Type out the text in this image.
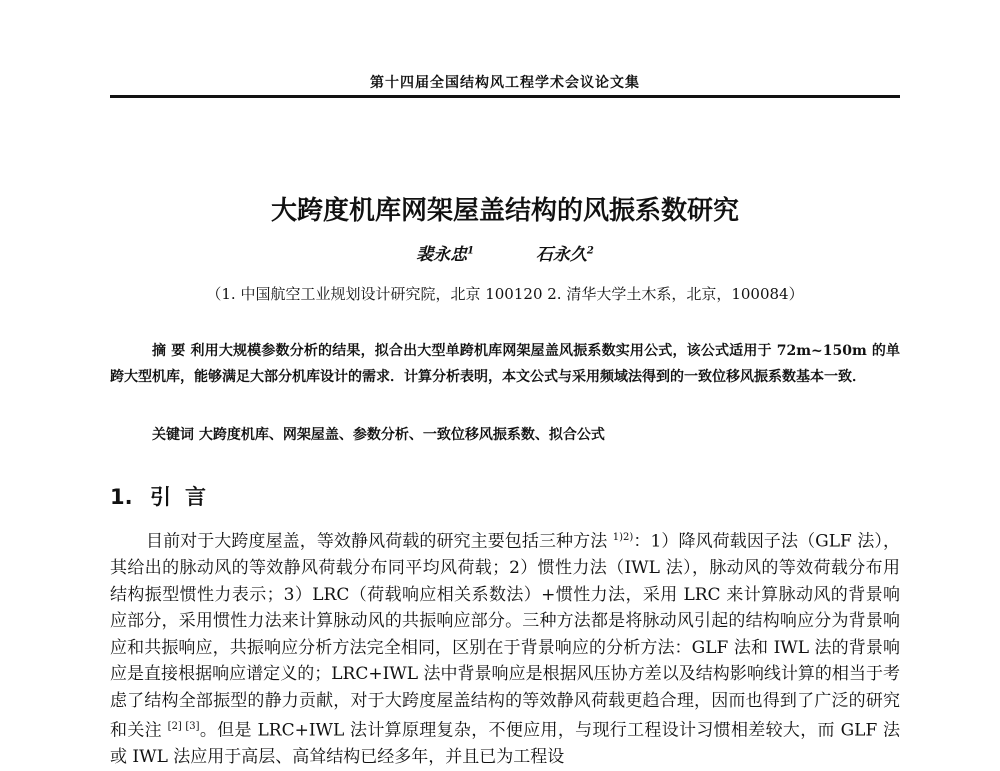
第十四届全国结构风工程学术会议论文集
大跨度机库网架屋盖结构的风振系数研究
裴永忠$^1$	石永久$^2$
（1. 中国航空工业规划设计研究院，北京 100120 2. 清华大学土木系，北京，100084）
摘 要 利用大规模参数分析的结果，拟合出大型单跨机库网架屋盖风振系数实用公式，该公式适用于 72m~150m 的单跨大型机库，能够满足大部分机库设计的需求．计算分析表明，本文公式与采用频域法得到的一致位移风振系数基本一致．
关键词 大跨度机库、网架屋盖、参数分析、一致位移风振系数、拟合公式
1. 引言
目前对于大跨度屋盖，等效静风荷载的研究主要包括三种方法 $^{1)2)}$：1）降风荷载因子法（GLF 法），其给出的脉动风的等效静风荷载分布同平均风荷载；2）惯性力法（IWL 法），脉动风的等效荷载分布用结构振型惯性力表示；3）LRC（荷载响应相关系数法）+惯性力法，采用 LRC 来计算脉动风的背景响应部分，采用惯性力法来计算脉动风的共振响应部分。三种方法都是将脉动风引起的结构响应分为背景响应和共振响应，共振响应分析方法完全相同，区别在于背景响应的分析方法：GLF 法和 IWL 法的背景响应是直接根据响应谱定义的；LRC+IWL 法中背景响应是根据风压协方差以及结构影响线计算的相当于考虑了结构全部振型的静力贡献，对于大跨度屋盖结构的等效静风荷载更趋合理，因而也得到了广泛的研究和关注 [2] [3]。但是 LRC+IWL 法计算原理复杂，不便应用，与现行工程设计习惯相差较大，而 GLF 法或 IWL 法应用于高层、高耸结构已经多年，并且已为工程设
